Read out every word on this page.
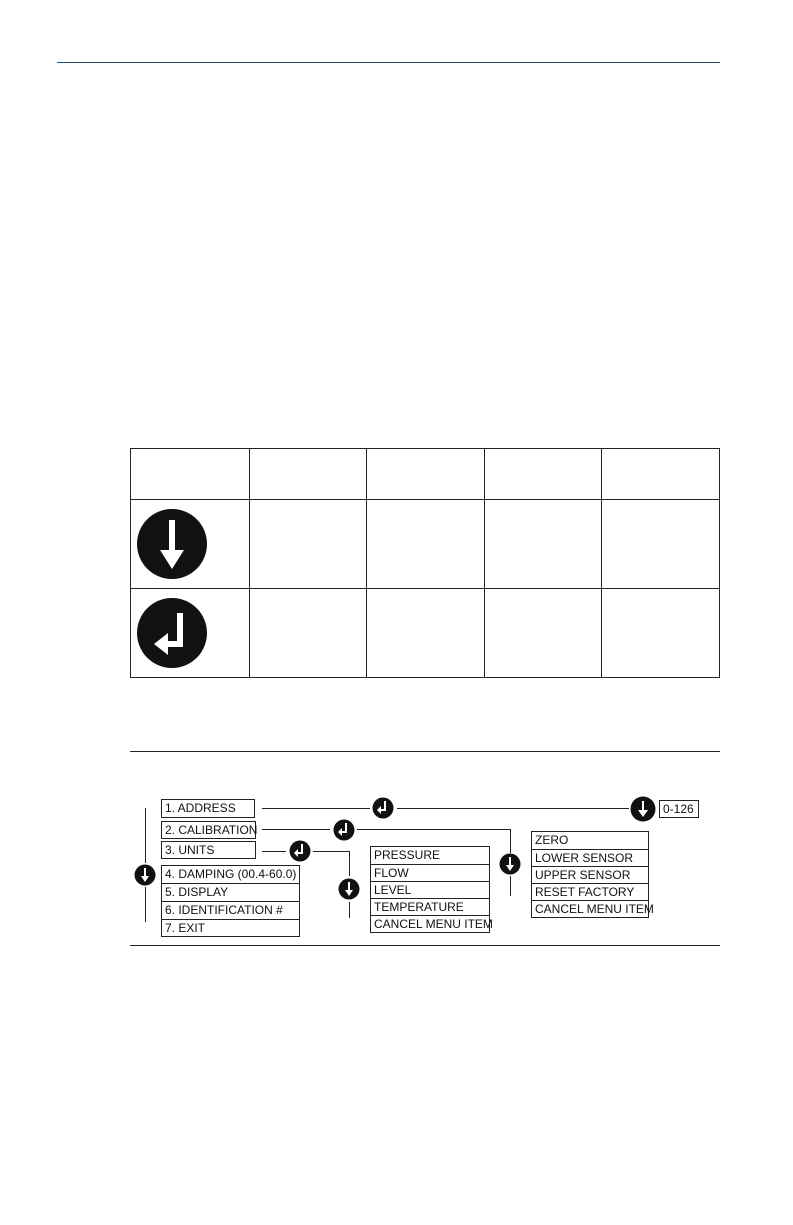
1. ADDRESS
2. CALIBRATION
3. UNITS
4. DAMPING (00.4-60.0)
5. DISPLAY
6. IDENTIFICATION #
7. EXIT
0-126
PRESSURE
FLOW
LEVEL
TEMPERATURE
CANCEL MENU ITEM
ZERO
LOWER SENSOR
UPPER SENSOR
RESET FACTORY
CANCEL MENU ITEM
